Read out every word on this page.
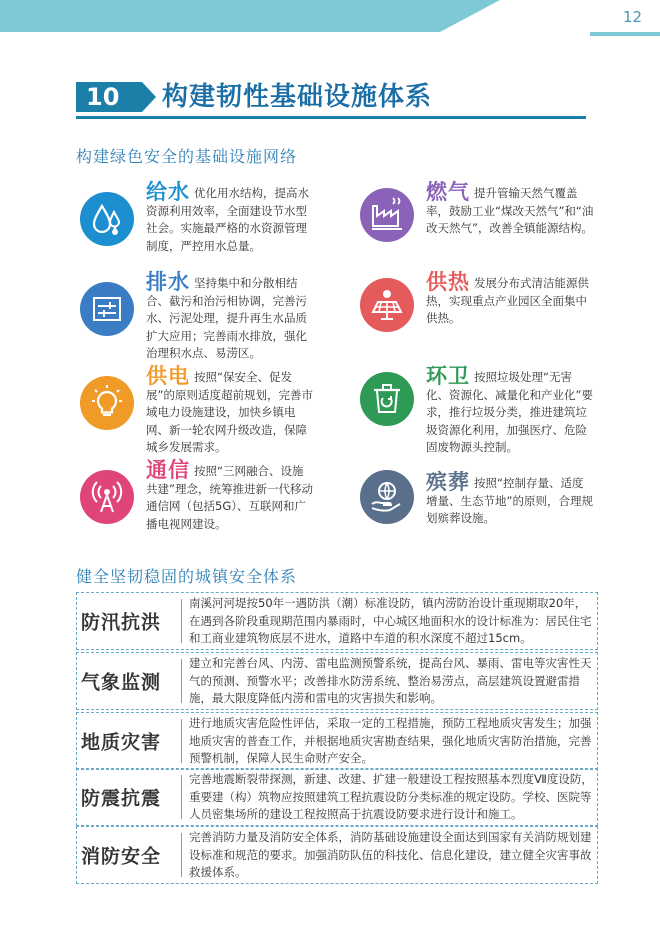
12
10	构建韧性基础设施体系
构建绿色安全的基础设施网络
给水 优化用水结构，提高水资源利用效率，全面建设节水型社会。实施最严格的水资源管理制度，严控用水总量。
排水 坚持集中和分散相结合、截污和治污相协调，完善污水、污泥处理，提升再生水品质扩大应用；完善雨水排放，强化治理积水点、易涝区。
供电 按照“保安全、促发展”的原则适度超前规划，完善市域电力设施建设，加快乡镇电网、新一轮农网升级改造，保障城乡发展需求。
通信 按照“三网融合、设施共建”理念，统筹推进新一代移动通信网（包括5G）、互联网和广播电视网建设。
燃气 提升管输天然气覆盖率，鼓励工业“煤改天然气”和“油改天然气”，改善全镇能源结构。
供热 发展分布式清洁能源供热，实现重点产业园区全面集中供热。
环卫 按照垃圾处理“无害化、资源化、减量化和产业化”要求，推行垃圾分类，推进建筑垃圾资源化利用，加强医疗、危险固废物源头控制。
殡葬 按照“控制存量、适度增量、生态节地”的原则，合理规划殡葬设施。
健全坚韧稳固的城镇安全体系
防汛抗洪
南溪河河堤按50年一遇防洪（潮）标准设防，镇内涝防治设计重现期取20年，在遇到各阶段重现期范围内暴雨时，中心城区地面积水的设计标准为：居民住宅和工商业建筑物底层不进水，道路中车道的积水深度不超过15cm。
气象监测
建立和完善台风、内涝、雷电监测预警系统，提高台风、暴雨、雷电等灾害性天气的预测、预警水平；改善排水防涝系统、整治易涝点，高层建筑设置避雷措施，最大限度降低内涝和雷电的灾害损失和影响。
地质灾害
进行地质灾害危险性评估，采取一定的工程措施，预防工程地质灾害发生；加强地质灾害的普查工作，并根据地质灾害勘查结果，强化地质灾害防治措施，完善预警机制，保障人民生命财产安全。
防震抗震
完善地震断裂带探测，新建、改建、扩建一般建设工程按照基本烈度Ⅶ度设防，重要建（构）筑物应按照建筑工程抗震设防分类标准的规定设防。学校、医院等人员密集场所的建设工程按照高于抗震设防要求进行设计和施工。
消防安全
完善消防力量及消防安全体系，消防基础设施建设全面达到国家有关消防规划建设标准和规范的要求。加强消防队伍的科技化、信息化建设，建立健全灾害事故救援体系。
